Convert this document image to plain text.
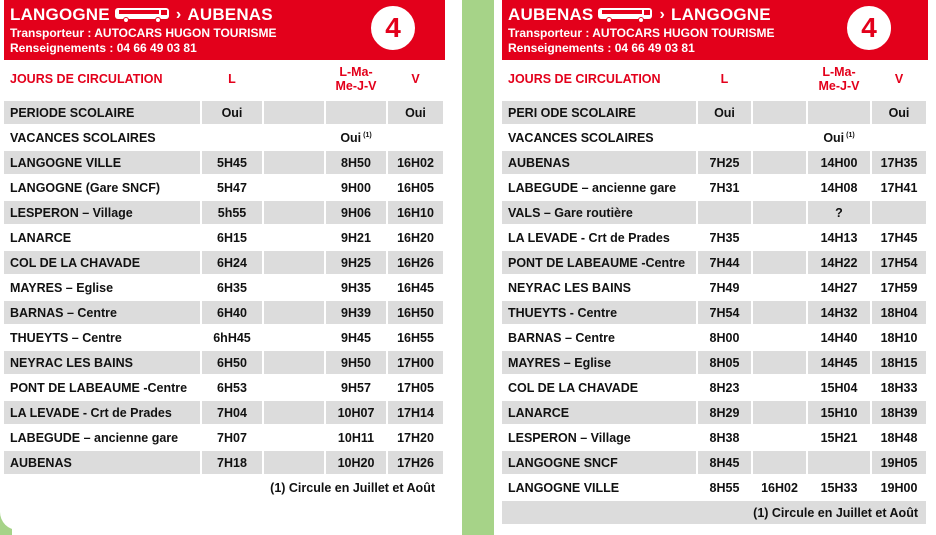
LANGOGNE	› AUBENAS
Transporteur : AUTOCARS HUGON TOURISME
Renseignements : 04 66 49 03 81
4
JOURS DE CIRCULATION	L		L-Ma-
Me-J-V	V
PERIODE SCOLAIRE	Oui			Oui
VACANCES SCOLAIRES			Oui $^{(1)}$	
LANGOGNE VILLE	5H45		8H50	16H02
LANGOGNE (Gare SNCF)	5H47		9H00	16H05
LESPERON – Village	5h55		9H06	16H10
LANARCE	6H15		9H21	16H20
COL DE LA CHAVADE	6H24		9H25	16H26
MAYRES – Eglise	6H35		9H35	16H45
BARNAS – Centre	6H40		9H39	16H50
THUEYTS – Centre	6hH45		9H45	16H55
NEYRAC LES BAINS	6H50		9H50	17H00
PONT DE LABEAUME -Centre	6H53		9H57	17H05
LA LEVADE - Crt de Prades	7H04		10H07	17H14
LABEGUDE – ancienne gare	7H07		10H11	17H20
AUBENAS	7H18		10H20	17H26
(1) Circule en Juillet et Août				
AUBENAS	› LANGOGNE
Transporteur : AUTOCARS HUGON TOURISME
Renseignements : 04 66 49 03 81
4
JOURS DE CIRCULATION	L		L-Ma-
Me-J-V	V
PERI ODE SCOLAIRE	Oui			Oui
VACANCES SCOLAIRES			Oui $^{(1)}$	
AUBENAS	7H25		14H00	17H35
LABEGUDE – ancienne gare	7H31		14H08	17H41
VALS – Gare routière			?	
LA LEVADE - Crt de Prades	7H35		14H13	17H45
PONT DE LABEAUME -Centre	7H44		14H22	17H54
NEYRAC LES BAINS	7H49		14H27	17H59
THUEYTS - Centre	7H54		14H32	18H04
BARNAS – Centre	8H00		14H40	18H10
MAYRES – Eglise	8H05		14H45	18H15
COL DE LA CHAVADE	8H23		15H04	18H33
LANARCE	8H29		15H10	18H39
LESPERON – Village	8H38		15H21	18H48
LANGOGNE SNCF	8H45			19H05
LANGOGNE VILLE	8H55	16H02	15H33	19H00
(1) Circule en Juillet et Août				
